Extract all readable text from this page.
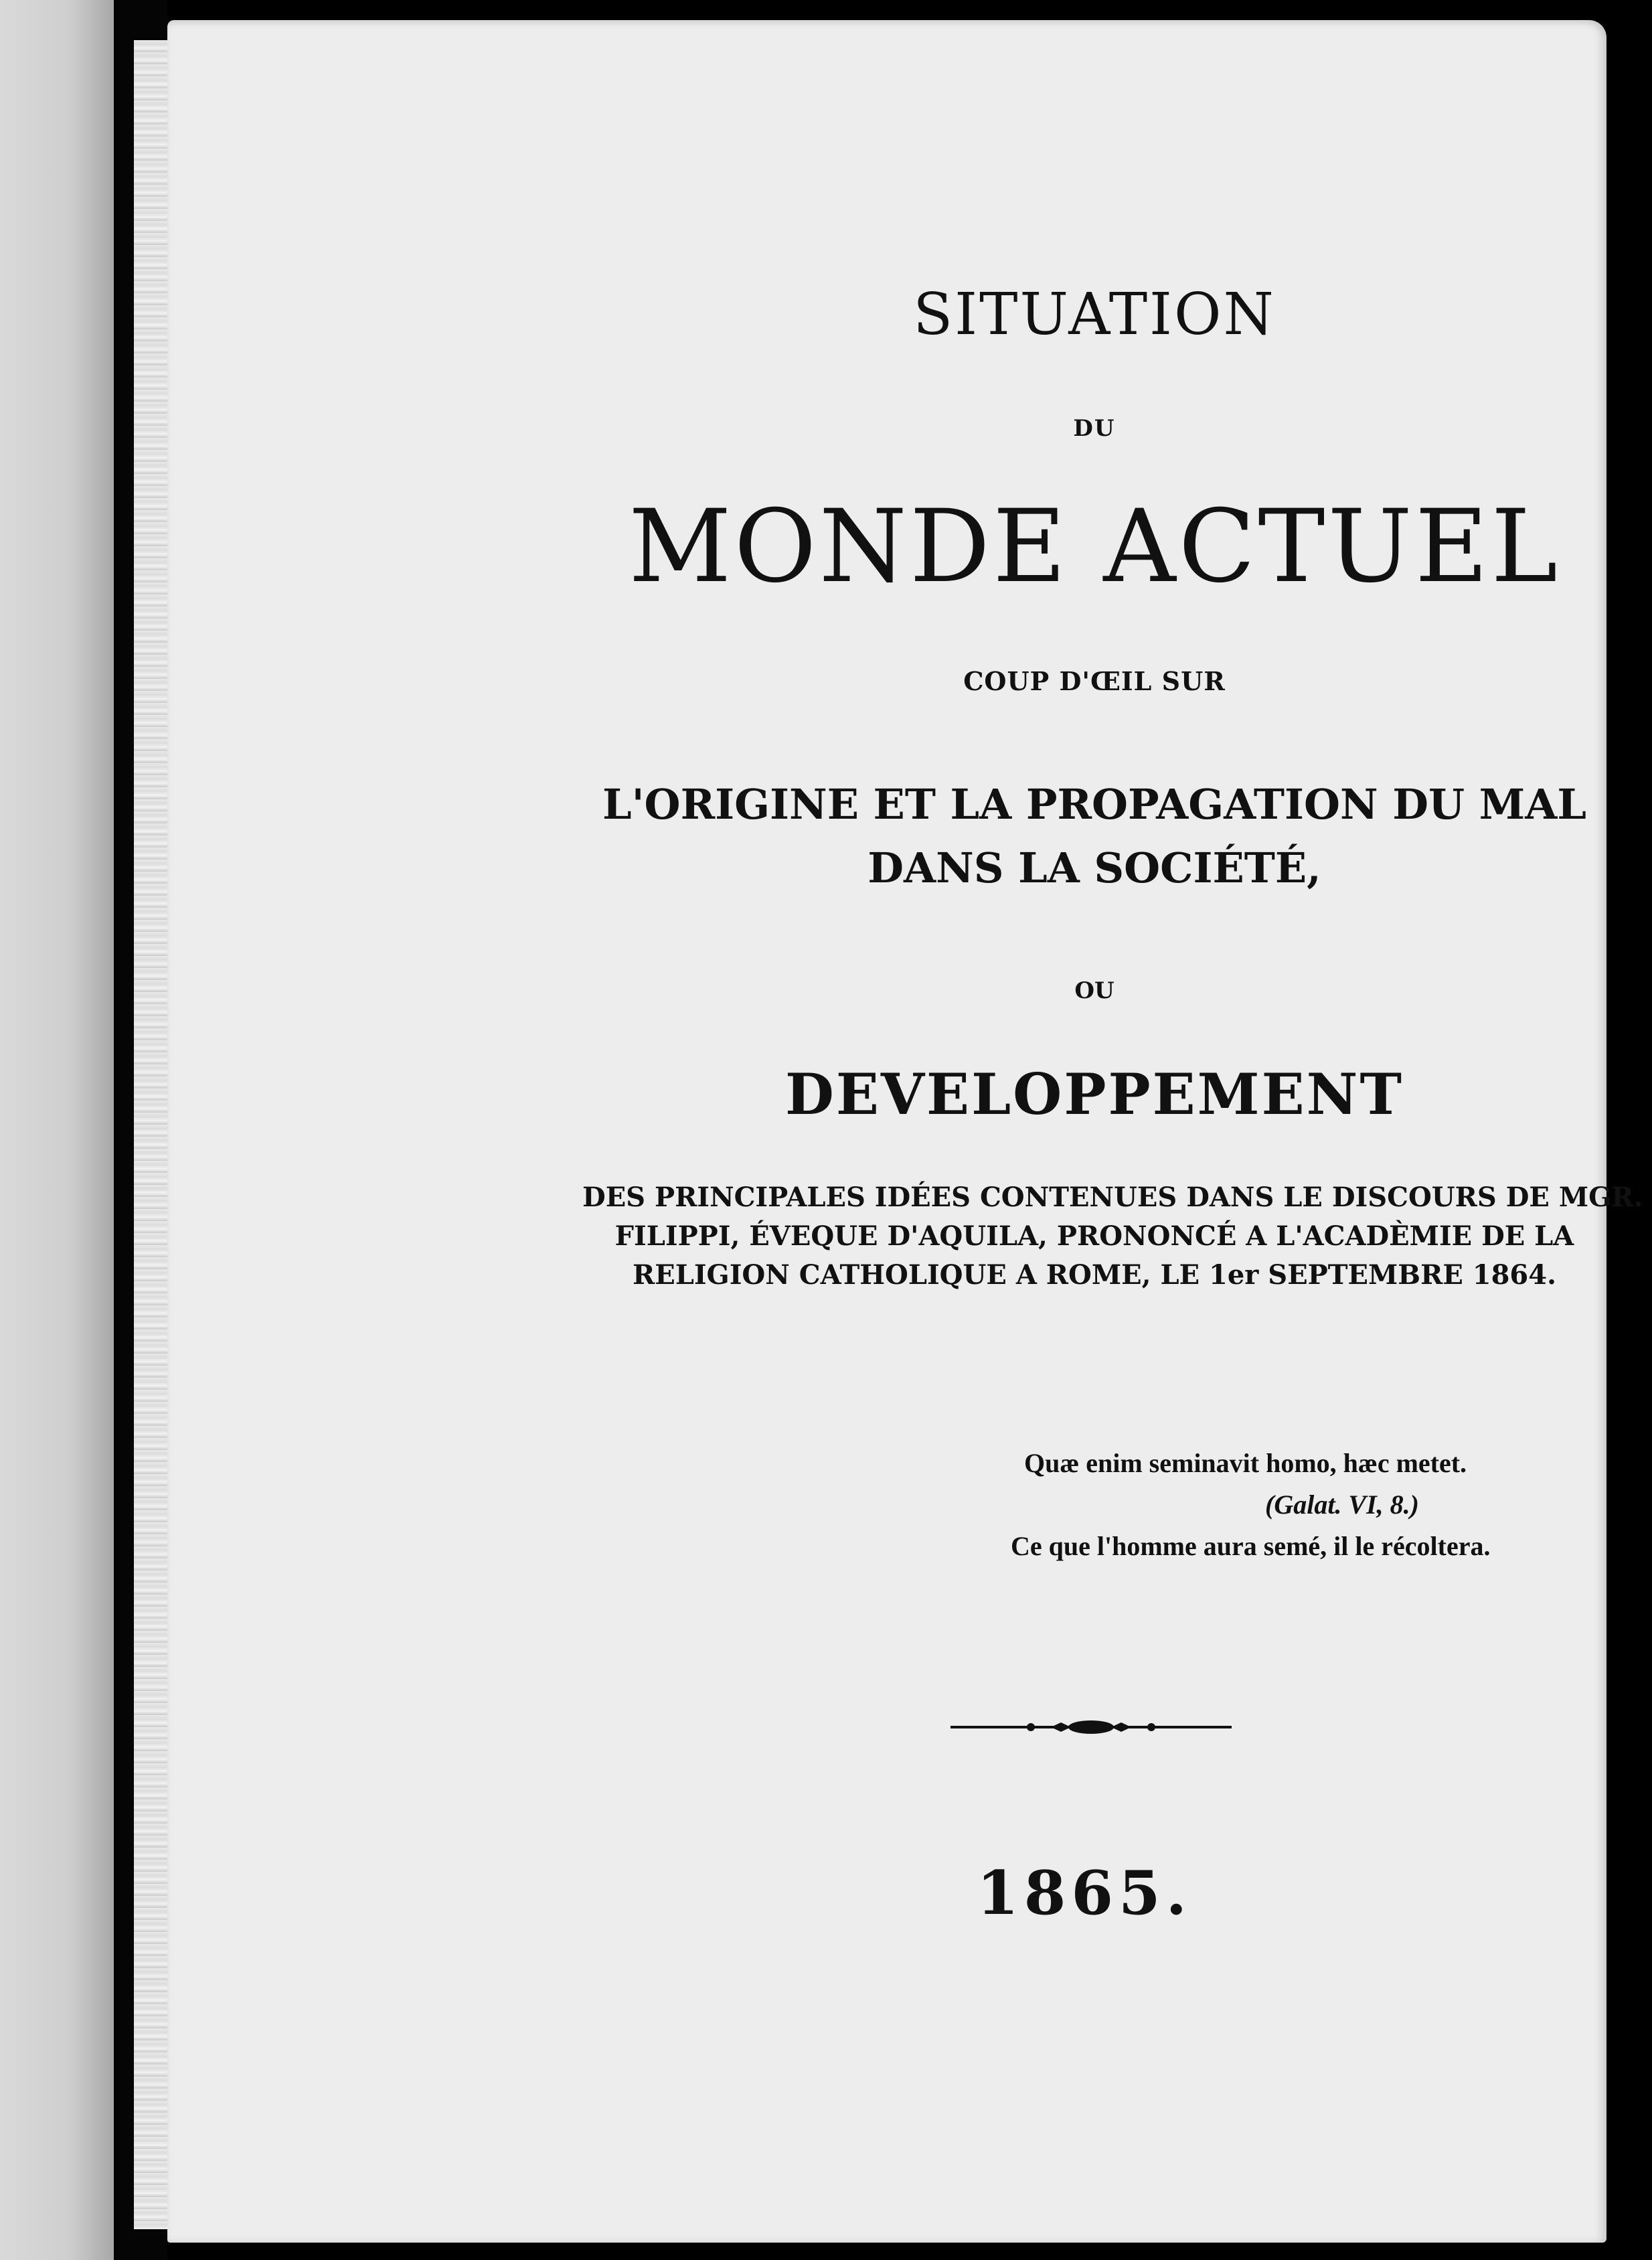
SITUATION
DU
MONDE ACTUEL
COUP D'ŒIL SUR
L'ORIGINE ET LA PROPAGATION DU MAL
DANS LA SOCIÉTÉ,
OU
DEVELOPPEMENT
DES PRINCIPALES IDÉES CONTENUES DANS LE DISCOURS DE MGR.
FILIPPI, ÉVEQUE D'AQUILA, PRONONCÉ A L'ACADÈMIE DE LA
RELIGION CATHOLIQUE A ROME, LE 1er SEPTEMBRE 1864.
Quæ enim seminavit homo, hæc metet.
(Galat. VI, 8.)
Ce que l'homme aura semé, il le récoltera.
1865.
